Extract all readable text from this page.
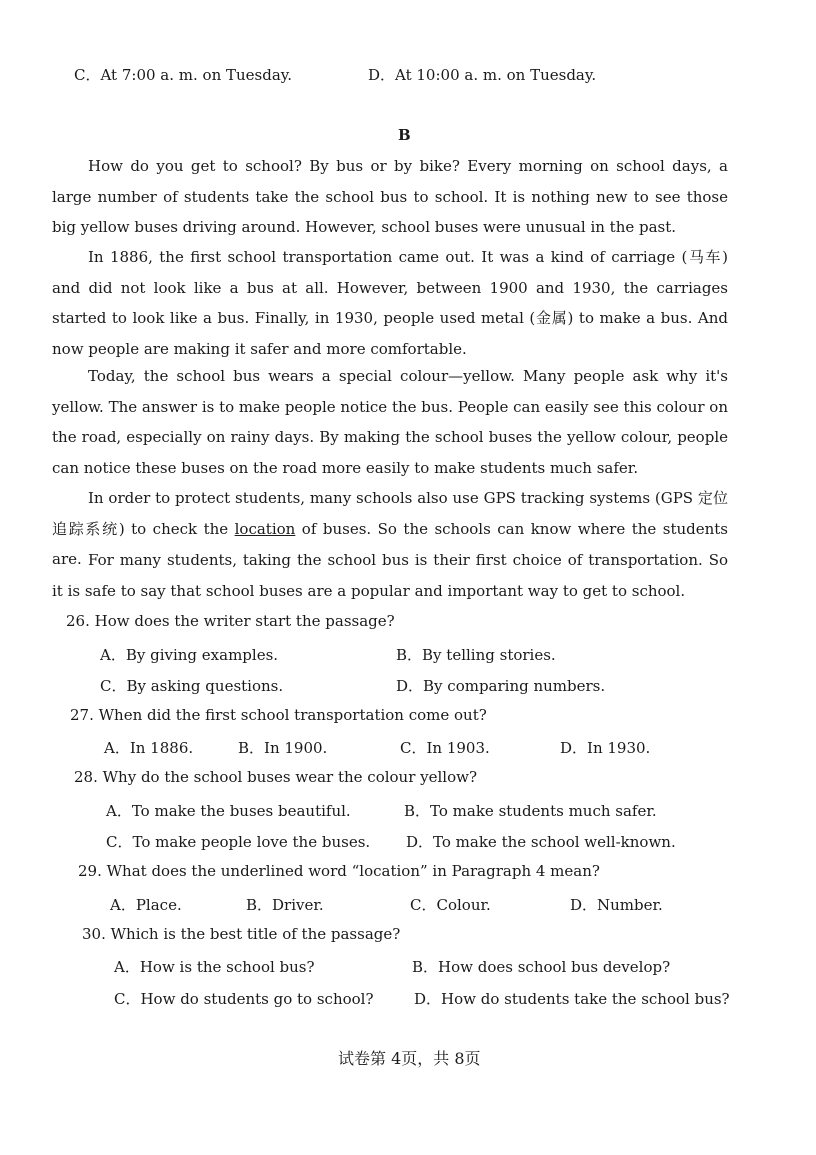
C．At 7:00 a. m. on Tuesday.	D．At 10:00 a. m. on Tuesday.
B
How do you get to school? By bus or by bike? Every morning on school days, a large number of students take the school bus to school. It is nothing new to see those big yellow buses driving around. However, school buses were unusual in the past.
In 1886, the first school transportation came out. It was a kind of carriage (马车) and did not look like a bus at all. However, between 1900 and 1930, the carriages started to look like a bus. Finally, in 1930, people used metal (金属) to make a bus. And now people are making it safer and more comfortable.
Today, the school bus wears a special colour—yellow. Many people ask why it's yellow. The answer is to make people notice the bus. People can easily see this colour on the road, especially on rainy days. By making the school buses the yellow colour, people can notice these buses on the road more easily to make students much safer.
In order to protect students, many schools also use GPS tracking systems (GPS 定位追踪系统) to check the location of buses. So the schools can know where the students are. For many students, taking the school bus is their first choice of transportation. So it is safe to say that school buses are a popular and important way to get to school.
26. How does the writer start the passage?
A．By giving examples.	B．By telling stories.
C．By asking questions.	D．By comparing numbers.
27. When did the first school transportation come out?
A．In 1886.	B．In 1900.	C．In 1903.	D．In 1930.
28. Why do the school buses wear the colour yellow?
A．To make the buses beautiful.	B．To make students much safer.
C．To make people love the buses. D．To make the school well-known.
29. What does the underlined word “location” in Paragraph 4 mean?
A．Place.	B．Driver.	C．Colour.	D．Number.
30. Which is the best title of the passage?
A．How is the school bus?	B．How does school bus develop?
C．How do students go to school?	D．How do students take the school bus?
试卷第 4页，共 8页
